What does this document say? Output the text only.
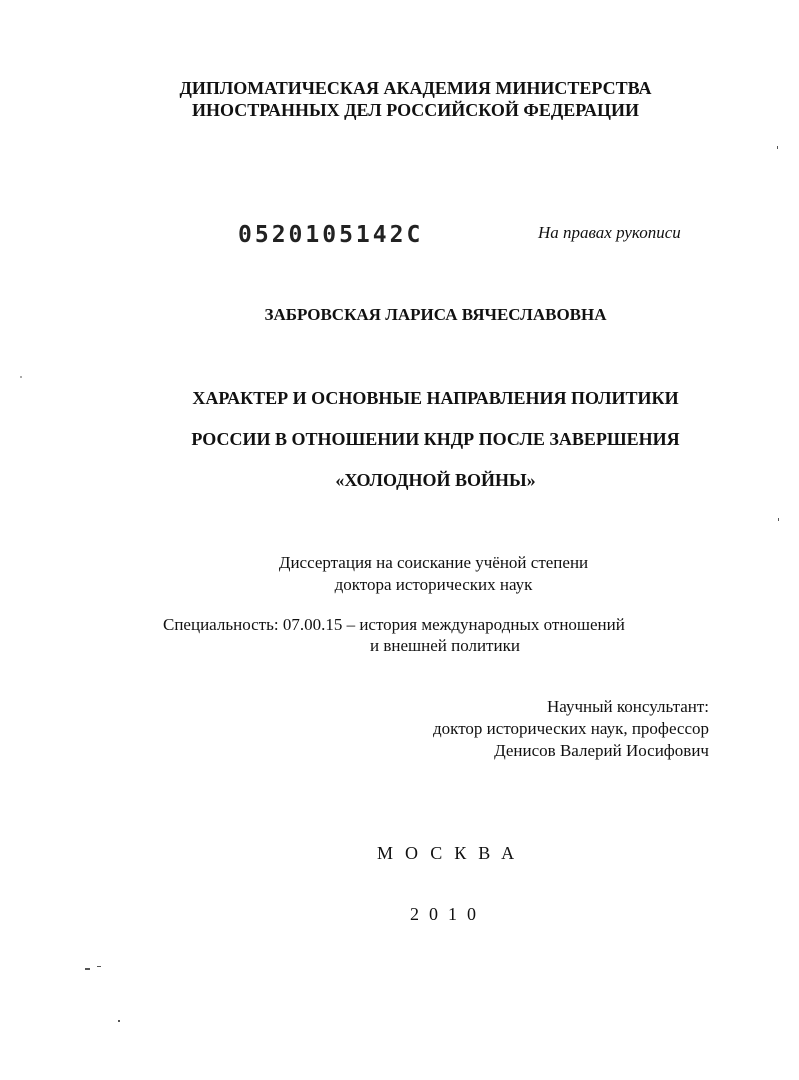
ДИПЛОМАТИЧЕСКАЯ АКАДЕМИЯ МИНИСТЕРСТВА
ИНОСТРАННЫХ ДЕЛ РОССИЙСКОЙ ФЕДЕРАЦИИ
0520105142С	На правах рукописи
ЗАБРОВСКАЯ ЛАРИСА ВЯЧЕСЛАВОВНА
ХАРАКТЕР И ОСНОВНЫЕ НАПРАВЛЕНИЯ ПОЛИТИКИ
РОССИИ В ОТНОШЕНИИ КНДР ПОСЛЕ ЗАВЕРШЕНИЯ
«ХОЛОДНОЙ ВОЙНЫ»
Диссертация на соискание учёной степени
доктора исторических наук
Специальность: 07.00.15 – история международных отношений
и внешней политики
Научный консультант:
доктор исторических наук, профессор
Денисов Валерий Иосифович
МОСКВА
2010
